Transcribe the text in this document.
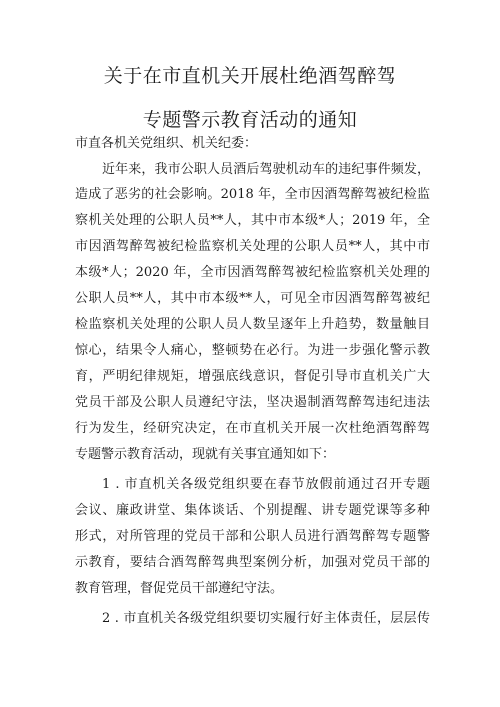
关于在市直机关开展杜绝酒驾醉驾
专题警示教育活动的通知
市直各机关党组织、机关纪委：
近年来，我市公职人员酒后驾驶机动车的违纪事件频发，
造成了恶劣的社会影响。2018 年，全市因酒驾醉驾被纪检监
察机关处理的公职人员**人，其中市本级*人；2019 年，全
市因酒驾醉驾被纪检监察机关处理的公职人员**人，其中市
本级*人；2020 年，全市因酒驾醉驾被纪检监察机关处理的
公职人员**人，其中市本级**人，可见全市因酒驾醉驾被纪
检监察机关处理的公职人员人数呈逐年上升趋势，数量触目
惊心，结果令人痛心，整顿势在必行。为进一步强化警示教
育，严明纪律规矩，增强底线意识，督促引导市直机关广大
党员干部及公职人员遵纪守法，坚决遏制酒驾醉驾违纪违法
行为发生，经研究决定，在市直机关开展一次杜绝酒驾醉驾
专题警示教育活动，现就有关事宜通知如下：
1 . 市直机关各级党组织要在春节放假前通过召开专题
会议、廉政讲堂、集体谈话、个别提醒、讲专题党课等多种
形式，对所管理的党员干部和公职人员进行酒驾醉驾专题警
示教育，要结合酒驾醉驾典型案例分析，加强对党员干部的
教育管理，督促党员干部遵纪守法。
2 . 市直机关各级党组织要切实履行好主体责任，层层传
